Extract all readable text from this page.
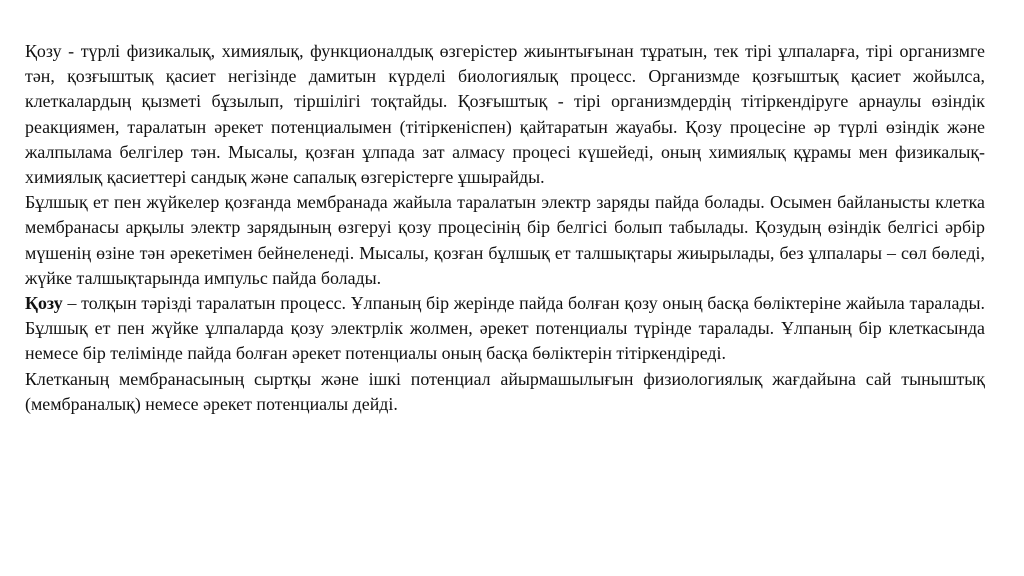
Қозу - түрлі физикалық, химиялық, функционалдық өзгерістер жиынтығынан тұратын, тек тірі ұлпаларға, тірі организмге тән, қозғыштық қасиет негізінде дамитын күрделі биологиялық процесс. Организмде қозғыштық қасиет жойылса, клеткалардың қызметі бұзылып, тіршілігі тоқтайды. Қозғыштық - тірі организмдердің тітіркендіруге арнаулы өзіндік реакциямен, таралатын әрекет потенциалымен (тітіркеніспен) қайтаратын жауабы. Қозу процесіне әр түрлі өзіндік және жалпылама белгілер тән. Мысалы, қозған ұлпада зат алмасу процесі күшейеді, оның химиялық құрамы мен физикалық-химиялық қасиеттері сандық және сапалық өзгерістерге ұшырайды.

Бұлшық ет пен жүйкелер қозғанда мембранада жайыла таралатын электр заряды пайда болады. Осымен байланысты клетка мембранасы арқылы электр зарядының өзгеруі қозу процесінің бір белгісі болып табылады. Қозудың өзіндік белгісі әрбір мүшенің өзіне тән әрекетімен бейнеленеді. Мысалы, қозған бұлшық ет талшықтары жиырылады, без ұлпалары – сөл бөледі, жүйке талшықтарында импульс пайда болады.

Қозу – толқын тәрізді таралатын процесс. Ұлпаның бір жерінде пайда болған қозу оның басқа бөліктеріне жайыла таралады. Бұлшық ет пен жүйке ұлпаларда қозу электрлік жолмен, әрекет потенциалы түрінде таралады. Ұлпаның бір клеткасында немесе бір телімінде пайда болған әрекет потенциалы оның басқа бөліктерін тітіркендіреді.

Клетканың мембранасының сыртқы және ішкі потенциал айырмашылығын физиологиялық жағдайына сай тыныштық (мембраналық) немесе әрекет потенциалы дейді.
